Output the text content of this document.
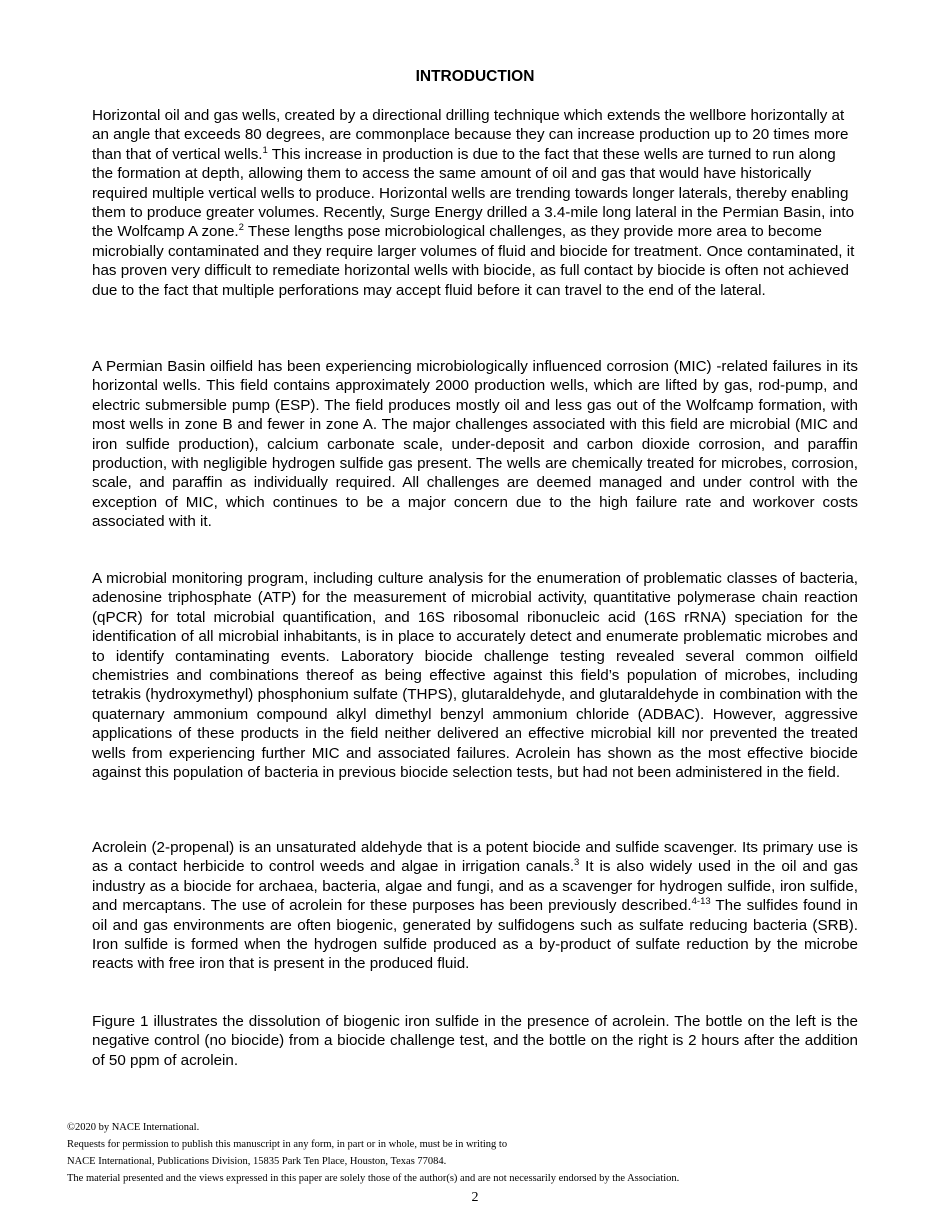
INTRODUCTION

Horizontal oil and gas wells, created by a directional drilling technique which extends the wellbore horizontally at an angle that exceeds 80 degrees, are commonplace because they can increase production up to 20 times more than that of vertical wells.$^1$ This increase in production is due to the fact that these wells are turned to run along the formation at depth, allowing them to access the same amount of oil and gas that would have historically required multiple vertical wells to produce. Horizontal wells are trending towards longer laterals, thereby enabling them to produce greater volumes. Recently, Surge Energy drilled a 3.4-mile long lateral in the Permian Basin, into the Wolfcamp A zone.$^2$ These lengths pose microbiological challenges, as they provide more area to become microbially contaminated and they require larger volumes of fluid and biocide for treatment. Once contaminated, it has proven very difficult to remediate horizontal wells with biocide, as full contact by biocide is often not achieved due to the fact that multiple perforations may accept fluid before it can travel to the end of the lateral.

A Permian Basin oilfield has been experiencing microbiologically influenced corrosion (MIC) -related failures in its horizontal wells. This field contains approximately 2000 production wells, which are lifted by gas, rod-pump, and electric submersible pump (ESP). The field produces mostly oil and less gas out of the Wolfcamp formation, with most wells in zone B and fewer in zone A. The major challenges associated with this field are microbial (MIC and iron sulfide production), calcium carbonate scale, under-deposit and carbon dioxide corrosion, and paraffin production, with negligible hydrogen sulfide gas present. The wells are chemically treated for microbes, corrosion, scale, and paraffin as individually required. All challenges are deemed managed and under control with the exception of MIC, which continues to be a major concern due to the high failure rate and workover costs associated with it.

A microbial monitoring program, including culture analysis for the enumeration of problematic classes of bacteria, adenosine triphosphate (ATP) for the measurement of microbial activity, quantitative polymerase chain reaction (qPCR) for total microbial quantification, and 16S ribosomal ribonucleic acid (16S rRNA) speciation for the identification of all microbial inhabitants, is in place to accurately detect and enumerate problematic microbes and to identify contaminating events. Laboratory biocide challenge testing revealed several common oilfield chemistries and combinations thereof as being effective against this field’s population of microbes, including tetrakis (hydroxymethyl) phosphonium sulfate (THPS), glutaraldehyde, and glutaraldehyde in combination with the quaternary ammonium compound alkyl dimethyl benzyl ammonium chloride (ADBAC). However, aggressive applications of these products in the field neither delivered an effective microbial kill nor prevented the treated wells from experiencing further MIC and associated failures. Acrolein has shown as the most effective biocide against this population of bacteria in previous biocide selection tests, but had not been administered in the field.

Acrolein (2-propenal) is an unsaturated aldehyde that is a potent biocide and sulfide scavenger. Its primary use is as a contact herbicide to control weeds and algae in irrigation canals.$^3$ It is also widely used in the oil and gas industry as a biocide for archaea, bacteria, algae and fungi, and as a scavenger for hydrogen sulfide, iron sulfide, and mercaptans. The use of acrolein for these purposes has been previously described.$^{4-13}$ The sulfides found in oil and gas environments are often biogenic, generated by sulfidogens such as sulfate reducing bacteria (SRB). Iron sulfide is formed when the hydrogen sulfide produced as a by-product of sulfate reduction by the microbe reacts with free iron that is present in the produced fluid.

Figure 1 illustrates the dissolution of biogenic iron sulfide in the presence of acrolein. The bottle on the left is the negative control (no biocide) from a biocide challenge test, and the bottle on the right is 2 hours after the addition of 50 ppm of acrolein.

©2020 by NACE International.
Requests for permission to publish this manuscript in any form, in part or in whole, must be in writing to
NACE International, Publications Division, 15835 Park Ten Place, Houston, Texas 77084.
The material presented and the views expressed in this paper are solely those of the author(s) and are not necessarily endorsed by the Association.
2
